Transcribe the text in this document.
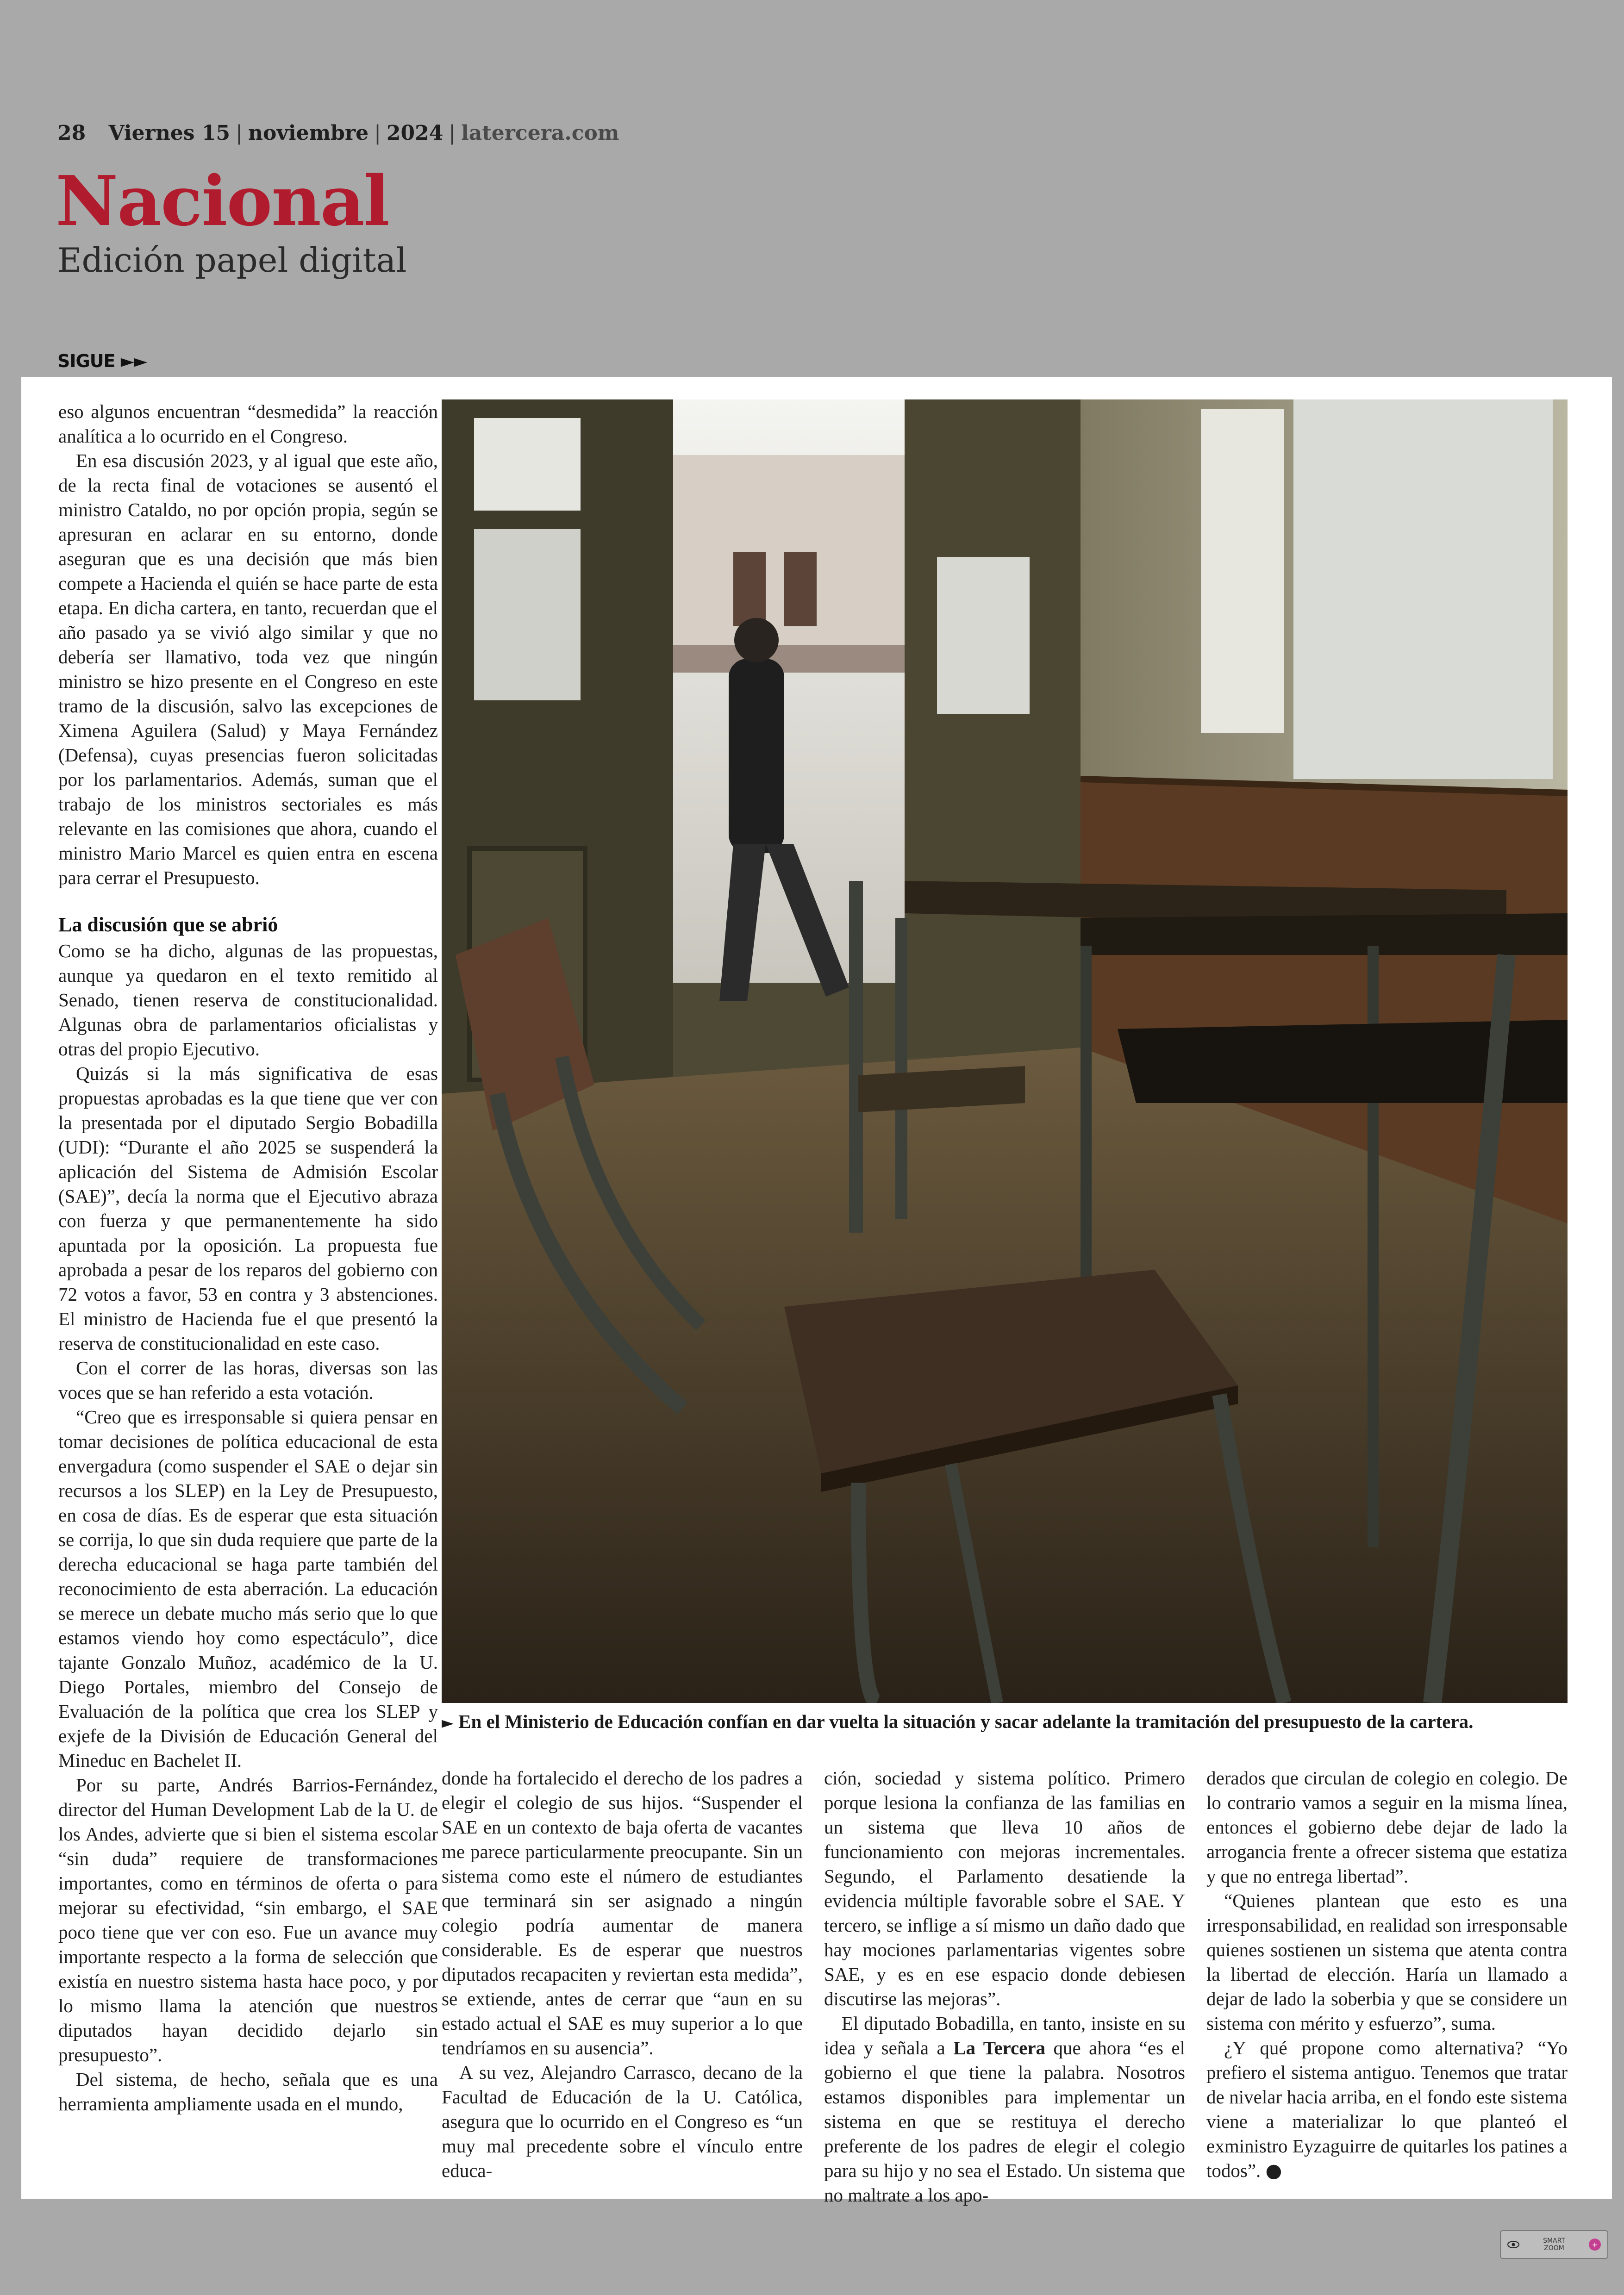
28 Viernes 15 | noviembre | 2024 | latercera.com
Nacional
Edición papel digital
SIGUE ►►

eso algunos encuentran “desmedida” la reacción analítica a lo ocurrido en el Congreso.

En esa discusión 2023, y al igual que este año, de la recta final de votaciones se ausentó el ministro Cataldo, no por opción propia, según se apresuran en aclarar en su entorno, donde aseguran que es una decisión que más bien compete a Hacienda el quién se hace parte de esta etapa. En dicha cartera, en tanto, recuerdan que el año pasado ya se vivió algo similar y que no debería ser llamativo, toda vez que ningún ministro se hizo presente en el Congreso en este tramo de la discusión, salvo las excepciones de Ximena Aguilera (Salud) y Maya Fernández (Defensa), cuyas presencias fueron solicitadas por los parlamentarios. Además, suman que el trabajo de los ministros sectoriales es más relevante en las comisiones que ahora, cuando el ministro Mario Marcel es quien entra en escena para cerrar el Presupuesto.

La discusión que se abrió

Como se ha dicho, algunas de las propuestas, aunque ya quedaron en el texto remitido al Senado, tienen reserva de constitucionalidad. Algunas obra de parlamentarios oficialistas y otras del propio Ejecutivo.

Quizás si la más significativa de esas propuestas aprobadas es la que tiene que ver con la presentada por el diputado Sergio Bobadilla (UDI): “Durante el año 2025 se suspenderá la aplicación del Sistema de Admisión Escolar (SAE)”, decía la norma que el Ejecutivo abraza con fuerza y que permanentemente ha sido apuntada por la oposición. La propuesta fue aprobada a pesar de los reparos del gobierno con 72 votos a favor, 53 en contra y 3 abstenciones. El ministro de Hacienda fue el que presentó la reserva de constitucionalidad en este caso.

Con el correr de las horas, diversas son las voces que se han referido a esta votación.

“Creo que es irresponsable si quiera pensar en tomar decisiones de política educacional de esta envergadura (como suspender el SAE o dejar sin recursos a los SLEP) en la Ley de Presupuesto, en cosa de días. Es de esperar que esta situación se corrija, lo que sin duda requiere que parte de la derecha educacional se haga parte también del reconocimiento de esta aberración. La educación se merece un debate mucho más serio que lo que estamos viendo hoy como espectáculo”, dice tajante Gonzalo Muñoz, académico de la U. Diego Portales, miembro del Consejo de Evaluación de la política que crea los SLEP y exjefe de la División de Educación General del Mineduc en Bachelet II.

Por su parte, Andrés Barrios-Fernández, director del Human Development Lab de la U. de los Andes, advierte que si bien el sistema escolar “sin duda” requiere de transformaciones importantes, como en términos de oferta o para mejorar su efectividad, “sin embargo, el SAE poco tiene que ver con eso. Fue un avance muy importante respecto a la forma de selección que existía en nuestro sistema hasta hace poco, y por lo mismo llama la atención que nuestros diputados hayan decidido dejarlo sin presupuesto”.

Del sistema, de hecho, señala que es una herramienta ampliamente usada en el mundo,

► En el Ministerio de Educación confían en dar vuelta la situación y sacar adelante la tramitación del presupuesto de la cartera.

donde ha fortalecido el derecho de los padres a elegir el colegio de sus hijos. “Suspender el SAE en un contexto de baja oferta de vacantes me parece particularmente preocupante. Sin un sistema como este el número de estudiantes que terminará sin ser asignado a ningún colegio podría aumentar de manera considerable. Es de esperar que nuestros diputados recapaciten y reviertan esta medida”, se extiende, antes de cerrar que “aun en su estado actual el SAE es muy superior a lo que tendríamos en su ausencia”.

A su vez, Alejandro Carrasco, decano de la Facultad de Educación de la U. Católica, asegura que lo ocurrido en el Congreso es “un muy mal precedente sobre el vínculo entre educa-

ción, sociedad y sistema político. Primero porque lesiona la confianza de las familias en un sistema que lleva 10 años de funcionamiento con mejoras incrementales. Segundo, el Parlamento desatiende la evidencia múltiple favorable sobre el SAE. Y tercero, se inflige a sí mismo un daño dado que hay mociones parlamentarias vigentes sobre SAE, y es en ese espacio donde debiesen discutirse las mejoras”.

El diputado Bobadilla, en tanto, insiste en su idea y señala a La Tercera que ahora “es el gobierno el que tiene la palabra. Nosotros estamos disponibles para implementar un sistema en que se restituya el derecho preferente de los padres de elegir el colegio para su hijo y no sea el Estado. Un sistema que no maltrate a los apo-

derados que circulan de colegio en colegio. De lo contrario vamos a seguir en la misma línea, entonces el gobierno debe dejar de lado la arrogancia frente a ofrecer sistema que estatiza y que no entrega libertad”.

“Quienes plantean que esto es una irresponsabilidad, en realidad son irresponsable quienes sostienen un sistema que atenta contra la libertad de elección. Haría un llamado a dejar de lado la soberbia y que se considere un sistema con mérito y esfuerzo”, suma.

¿Y qué propone como alternativa? “Yo prefiero el sistema antiguo. Tenemos que tratar de nivelar hacia arriba, en el fondo este sistema viene a materializar lo que planteó el exministro Eyzaguirre de quitarles los patines a todos”. ●

SMART
ZOOM	+
